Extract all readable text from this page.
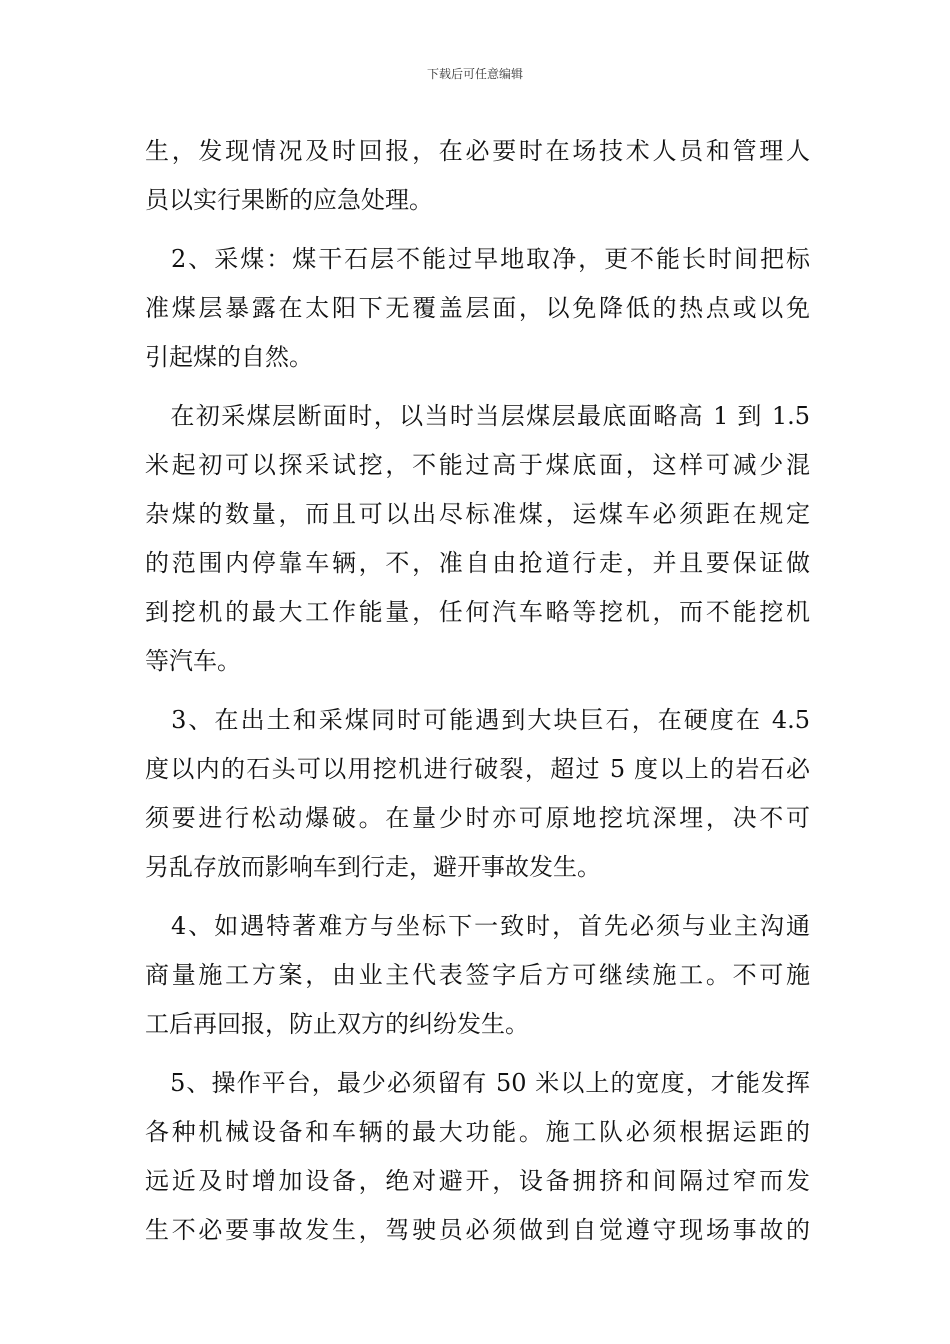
下载后可任意编辑
生，发现情况及时回报，在必要时在场技术人员和管理人
员以实行果断的应急处理。
　2、采煤：煤干石层不能过早地取净，更不能长时间把标
准煤层暴露在太阳下无覆盖层面，以免降低的热点或以免
引起煤的自然。
　在初采煤层断面时，以当时当层煤层最底面略高 1 到 1.5
米起初可以探采试挖，不能过高于煤底面，这样可减少混
杂煤的数量，而且可以出尽标准煤，运煤车必须距在规定
的范围内停靠车辆，不，准自由抢道行走，并且要保证做
到挖机的最大工作能量，任何汽车略等挖机，而不能挖机
等汽车。
　3、在出土和采煤同时可能遇到大块巨石，在硬度在 4.5
度以内的石头可以用挖机进行破裂，超过 5 度以上的岩石必
须要进行松动爆破。在量少时亦可原地挖坑深埋，决不可
另乱存放而影响车到行走，避开事故发生。
　4、如遇特著难方与坐标下一致时，首先必须与业主沟通
商量施工方案，由业主代表签字后方可继续施工。不可施
工后再回报，防止双方的纠纷发生。
　5、操作平台，最少必须留有 50 米以上的宽度，才能发挥
各种机械设备和车辆的最大功能。施工队必须根据运距的
远近及时增加设备，绝对避开，设备拥挤和间隔过窄而发
生不必要事故发生，驾驶员必须做到自觉遵守现场事故的
